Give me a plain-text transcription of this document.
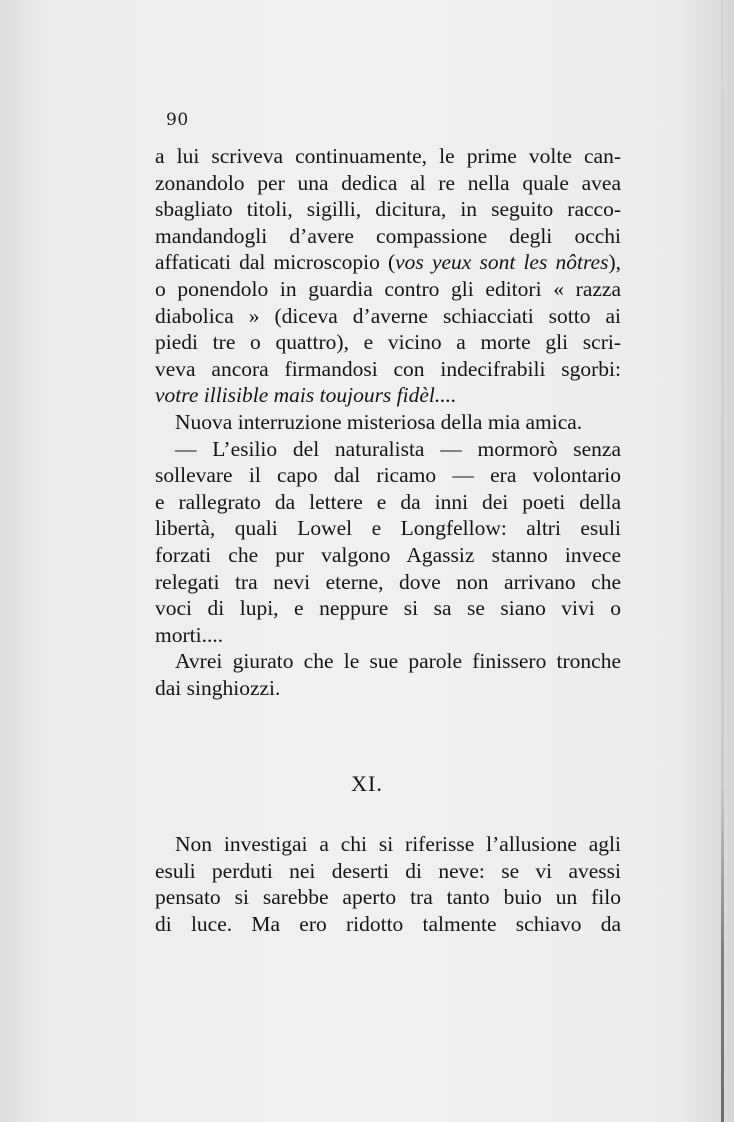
90
a lui scriveva continuamente, le prime volte can-
zonandolo per una dedica al re nella quale avea
sbagliato titoli, sigilli, dicitura, in seguito racco-
mandandogli d’avere compassione degli occhi
affaticati dal microscopio (vos yeux sont les nôtres),
o ponendolo in guardia contro gli editori « razza
diabolica » (diceva d’averne schiacciati sotto ai
piedi tre o quattro), e vicino a morte gli scri-
veva ancora firmandosi con indecifrabili sgorbi:
votre illisible mais toujours fidèl....
Nuova interruzione misteriosa della mia amica.
— L’esilio del naturalista — mormorò senza
sollevare il capo dal ricamo — era volontario
e rallegrato da lettere e da inni dei poeti della
libertà, quali Lowel e Longfellow: altri esuli
forzati che pur valgono Agassiz stanno invece
relegati tra nevi eterne, dove non arrivano che
voci di lupi, e neppure si sa se siano vivi o
morti....
Avrei giurato che le sue parole finissero tronche
dai singhiozzi.
XI.
Non investigai a chi si riferisse l’allusione agli
esuli perduti nei deserti di neve: se vi avessi
pensato si sarebbe aperto tra tanto buio un filo
di luce. Ma ero ridotto talmente schiavo da
